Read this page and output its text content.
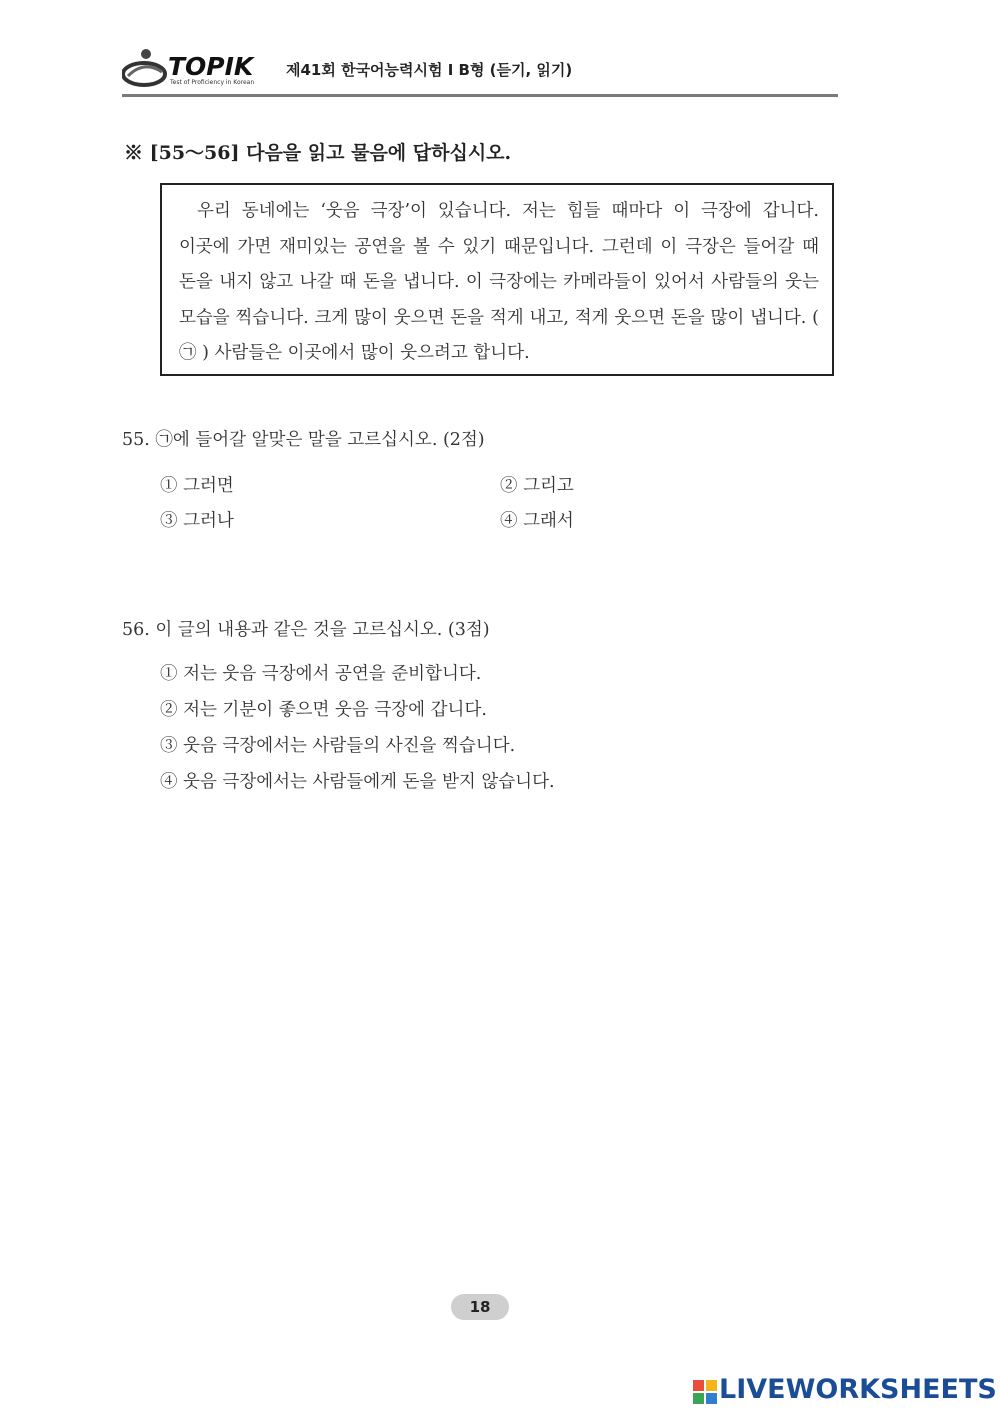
TOPIK
Test of Proficiency in Korean
제41회 한국어능력시험 I B형 (듣기, 읽기)
※ [55～56] 다음을 읽고 물음에 답하십시오.

우리 동네에는 ‘웃음 극장’이 있습니다. 저는 힘들 때마다 이 극장에 갑니다. 이곳에 가면 재미있는 공연을 볼 수 있기 때문입니다. 그런데 이 극장은 들어갈 때 돈을 내지 않고 나갈 때 돈을 냅니다. 이 극장에는 카메라들이 있어서 사람들의 웃는 모습을 찍습니다. 크게 많이 웃으면 돈을 적게 내고, 적게 웃으면 돈을 많이 냅니다. ( ㉠ ) 사람들은 이곳에서 많이 웃으려고 합니다.

55. ㉠에 들어갈 알맞은 말을 고르십시오. (2점)
① 그러면	② 그리고
③ 그러나	④ 그래서
56. 이 글의 내용과 같은 것을 고르십시오. (3점)
① 저는 웃음 극장에서 공연을 준비합니다.
② 저는 기분이 좋으면 웃음 극장에 갑니다.
③ 웃음 극장에서는 사람들의 사진을 찍습니다.
④ 웃음 극장에서는 사람들에게 돈을 받지 않습니다.
18
LIVEWORKSHEETS
